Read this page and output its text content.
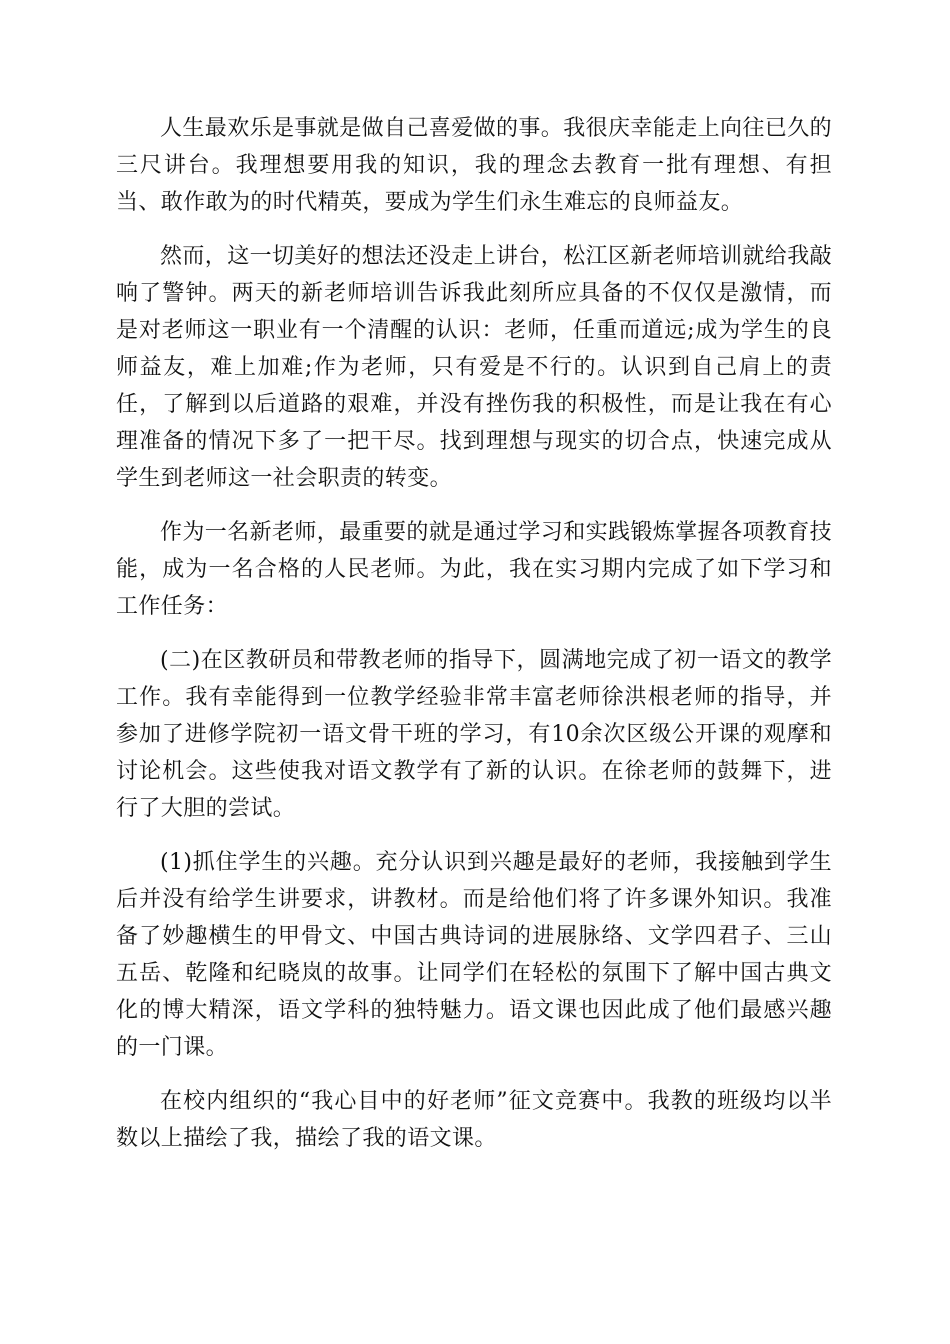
人生最欢乐是事就是做自己喜爱做的事。我很庆幸能走上向往已久的三尺讲台。我理想要用我的知识，我的理念去教育一批有理想、有担当、敢作敢为的时代精英，要成为学生们永生难忘的良师益友。

然而，这一切美好的想法还没走上讲台，松江区新老师培训就给我敲响了警钟。两天的新老师培训告诉我此刻所应具备的不仅仅是激情，而是对老师这一职业有一个清醒的认识：老师，任重而道远;成为学生的良师益友，难上加难;作为老师，只有爱是不行的。认识到自己肩上的责任，了解到以后道路的艰难，并没有挫伤我的积极性，而是让我在有心理准备的情况下多了一把干尽。找到理想与现实的切合点，快速完成从学生到老师这一社会职责的转变。

作为一名新老师，最重要的就是通过学习和实践锻炼掌握各项教育技能，成为一名合格的人民老师。为此，我在实习期内完成了如下学习和工作任务：

(二)在区教研员和带教老师的指导下，圆满地完成了初一语文的教学工作。我有幸能得到一位教学经验非常丰富老师徐洪根老师的指导，并参加了进修学院初一语文骨干班的学习，有10余次区级公开课的观摩和讨论机会。这些使我对语文教学有了新的认识。在徐老师的鼓舞下，进行了大胆的尝试。

(1)抓住学生的兴趣。充分认识到兴趣是最好的老师，我接触到学生后并没有给学生讲要求，讲教材。而是给他们将了许多课外知识。我准备了妙趣横生的甲骨文、中国古典诗词的进展脉络、文学四君子、三山五岳、乾隆和纪晓岚的故事。让同学们在轻松的氛围下了解中国古典文化的博大精深，语文学科的独特魅力。语文课也因此成了他们最感兴趣的一门课。

在校内组织的“我心目中的好老师”征文竞赛中。我教的班级均以半数以上描绘了我，描绘了我的语文课。
